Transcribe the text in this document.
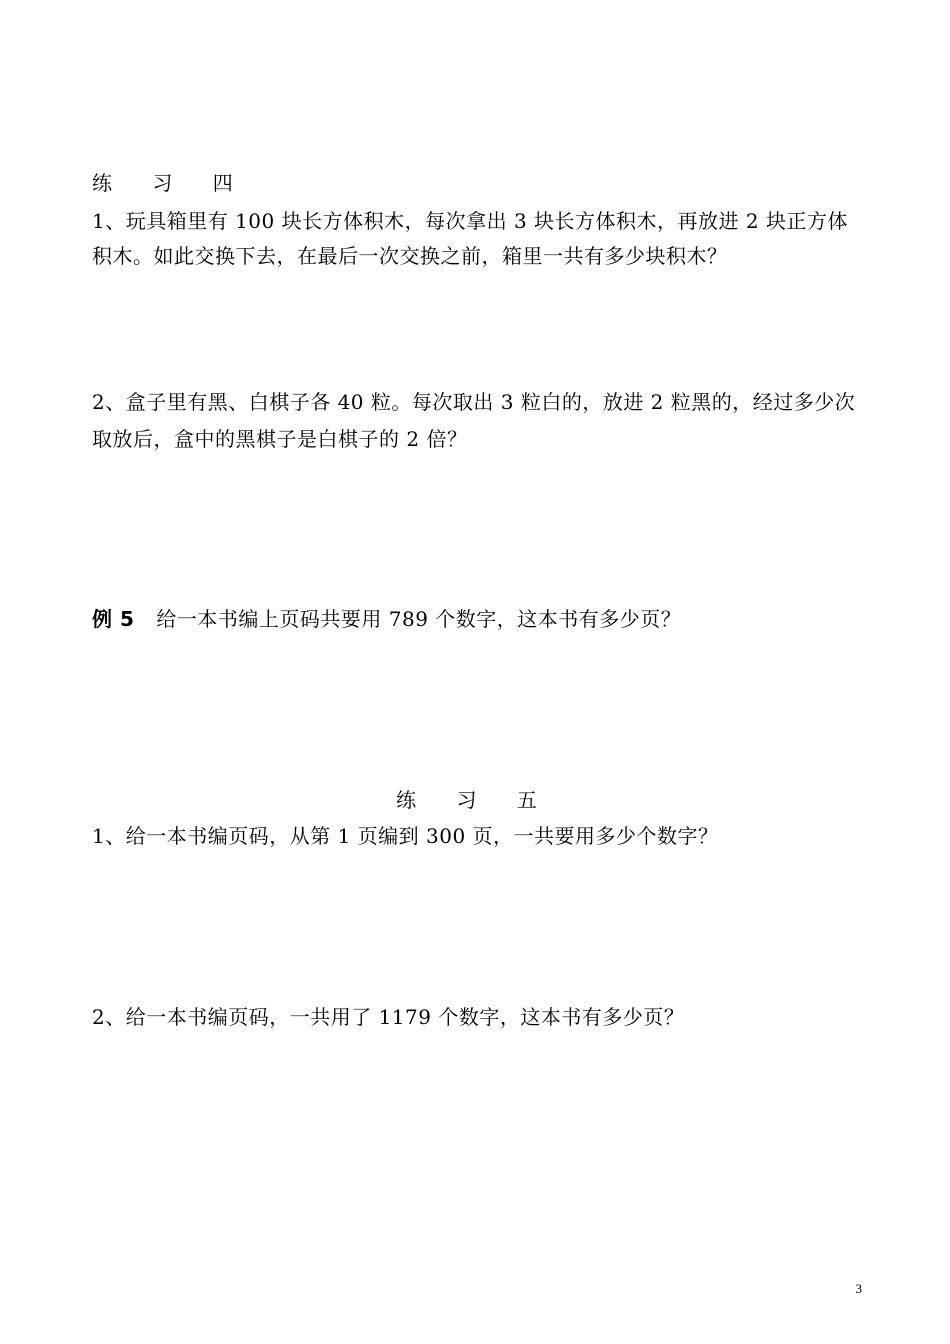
练 习 四
1、玩具箱里有 100 块长方体积木，每次拿出 3 块长方体积木，再放进 2 块正方体
积木。如此交换下去，在最后一次交换之前，箱里一共有多少块积木？
2、盒子里有黑、白棋子各 40 粒。每次取出 3 粒白的，放进 2 粒黑的，经过多少次
取放后，盒中的黑棋子是白棋子的 2 倍？
例 5 给一本书编上页码共要用 789 个数字，这本书有多少页？
练 习 五
1、给一本书编页码，从第 1 页编到 300 页，一共要用多少个数字？
2、给一本书编页码，一共用了 1179 个数字，这本书有多少页？
3
